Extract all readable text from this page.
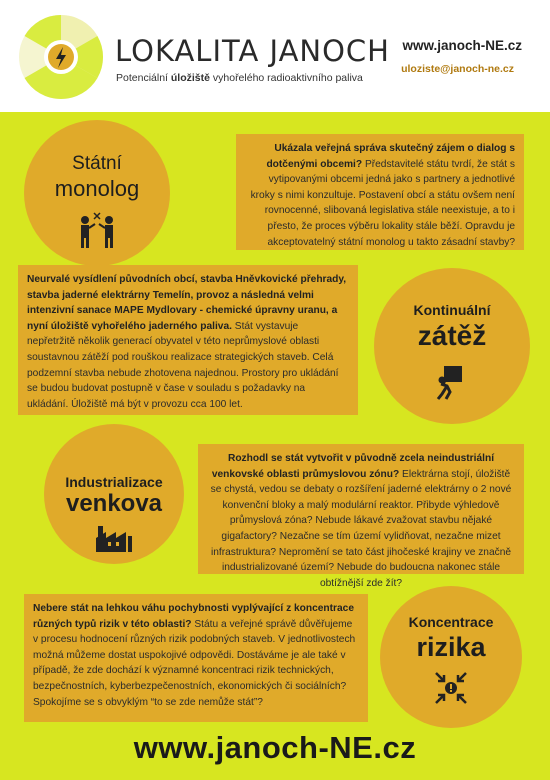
LOKALITA JANOCH
Potenciální úložiště vyhořelého radioaktivního paliva
www.janoch-NE.cz
uloziste@janoch-ne.cz
Ukázala veřejná správa skutečný zájem o dialog s dotčenými obcemi? Představitelé státu tvrdí, že stát s vytipovanými obcemi jedná jako s partnery a jednotlivé kroky s nimi konzultuje. Postavení obcí a státu ovšem není rovnocenné, slibovaná legislativa stále neexistuje, a to i přesto, že proces výběru lokality stále běží. Opravdu je akceptovatelný státní monolog u takto zásadní stavby?
Státní
monolog
Neurvalé vysídlení původních obcí, stavba Hněvkovické přehrady, stavba jaderné elektrárny Temelín, provoz a následná velmi intenzivní sanace MAPE Mydlovary - chemické úpravny uranu, a nyní úložiště vyhořelého jaderného paliva. Stát vystavuje nepřetržitě několik generací obyvatel v této neprůmyslové oblasti soustavnou zátěží pod rouškou realizace strategických staveb. Celá podzemní stavba nebude zhotovena najednou. Prostory pro ukládání se budou budovat postupně v čase v souladu s požadavky na ukládání. Úložiště má být v provozu cca 100 let.
Kontinuální
zátěž
Rozhodl se stát vytvořit v původně zcela neindustriální venkovské oblasti průmyslovou zónu? Elektrárna stojí, úložiště se chystá, vedou se debaty o rozšíření jaderné elektrárny o 2 nové konvenční bloky a malý modulární reaktor. Přibyde výhledově průmyslová zóna? Nebude lákavé zvažovat stavbu nějaké gigafactory? Nezačne se tím území vylidňovat, nezačne mizet infrastruktura? Nepromění se tato část jihočeské krajiny ve značně industrializované území? Nebude do budoucna nakonec stále obtížnější zde žít?
Industrializace
venkova
Nebere stát na lehkou váhu pochybnosti vyplývající z koncentrace různých typů rizik v této oblasti? Státu a veřejné správě důvěřujeme v procesu hodnocení různých rizik podobných staveb. V jednotlivostech možná můžeme dostat uspokojivé odpovědi. Dostáváme je ale také v případě, že zde dochází k významné koncentraci rizik technických, bezpečnostních, kyberbezpečenostních, ekonomických či sociálních? Spokojíme se s obvyklým “to se zde nemůže stát”?
Koncentrace
rizika
www.janoch-NE.cz
